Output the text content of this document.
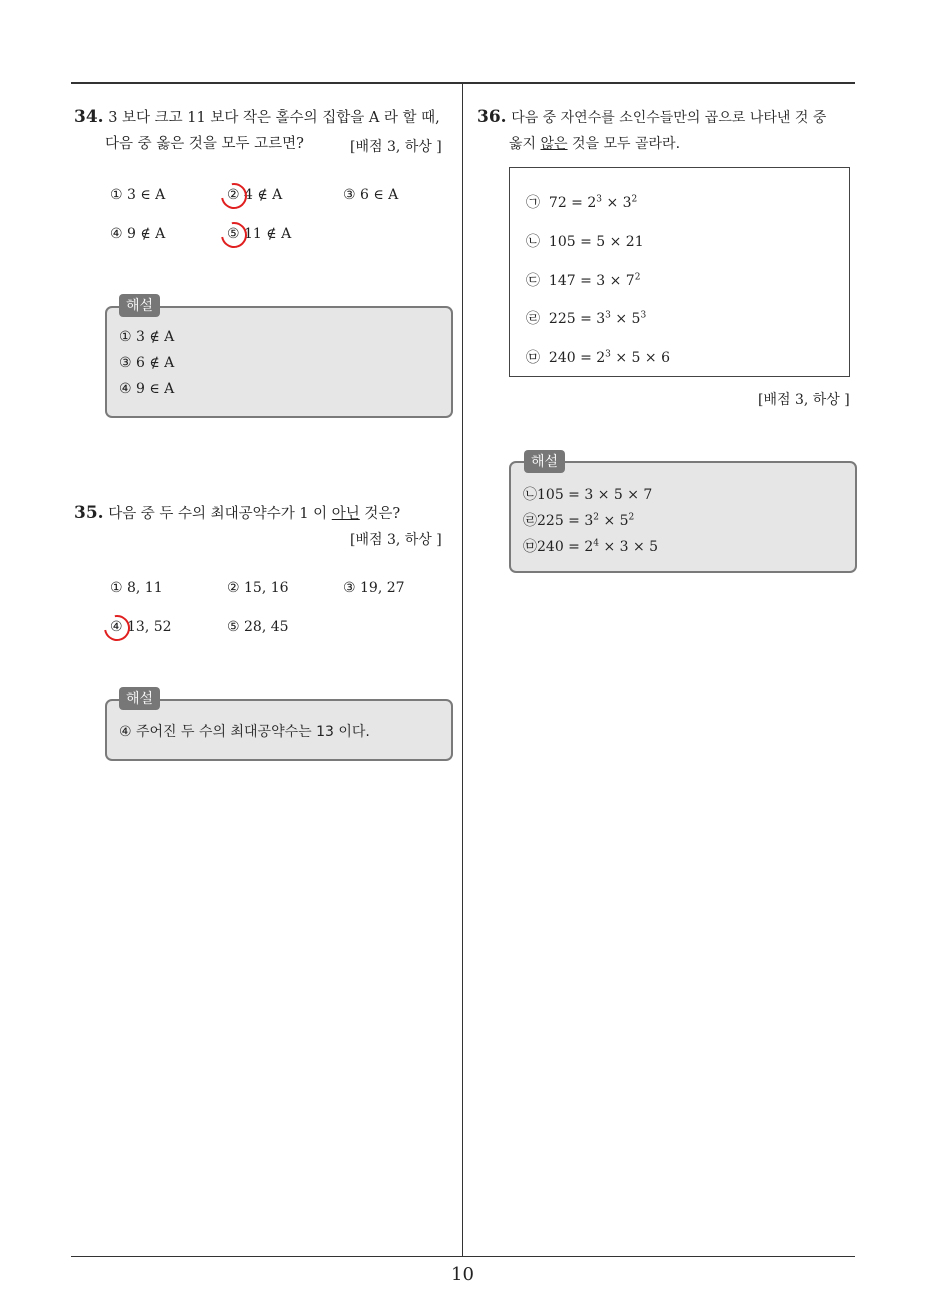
10
34. 3 보다 크고 11 보다 작은 홀수의 집합을 A 라 할 때,
다음 중 옳은 것을 모두 고르면?	[배점 3, 하상 ]
① 3 ∈ A	② 4 ∉ A	③ 6 ∈ A
④ 9 ∉ A	⑤ 11 ∉ A
해설
① 3 ∉ A
③ 6 ∉ A
④ 9 ∈ A
35. 다음 중 두 수의 최대공약수가 1 이 아닌 것은?
[배점 3, 하상 ]
① 8, 11	② 15, 16	③ 19, 27
④ 13, 52	⑤ 28, 45
해설
④ 주어진 두 수의 최대공약수는 13 이다.
36. 다음 중 자연수를 소인수들만의 곱으로 나타낸 것 중
옳지 않은 것을 모두 골라라.
㉠ $72 = 2^3 \times 3^2$
㉡ 105 = 5 × 21
㉢ $147 = 3 \times 7^2$
㉣ $225 = 3^3 \times 5^3$
㉤ $240 = 2^3 \times 5 \times 6$
[배점 3, 하상 ]
해설
㉡105 = 3 × 5 × 7
㉣225 = $3^2 \times 5^2$
㉤240 = $2^4 \times 3 \times 5$
